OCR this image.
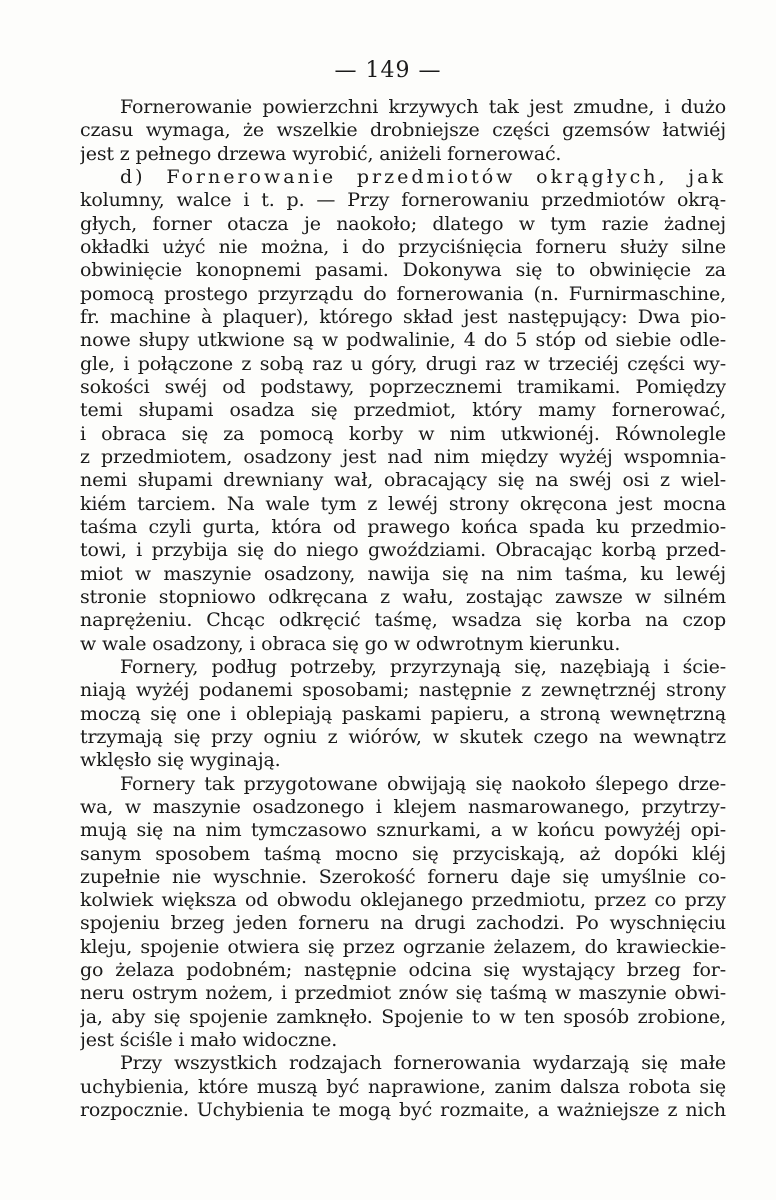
— 149 —
Fornerowanie powierzchni krzywych tak jest zmudne, i dużo
czasu wymaga, że wszelkie drobniejsze części gzemsów łatwiéj
jest z pełnego drzewa wyrobić, aniżeli fornerować.
d) Fornerowanie przedmiotów okrągłych, jak
kolumny, walce i t. p. — Przy fornerowaniu przedmiotów okrą-
głych, forner otacza je naokoło; dlatego w tym razie żadnej
okładki użyć nie można, i do przyciśnięcia forneru służy silne
obwinięcie konopnemi pasami. Dokonywa się to obwinięcie za
pomocą prostego przyrządu do fornerowania (n. Furnirmaschine,
fr. machine à plaquer), którego skład jest następujący: Dwa pio-
nowe słupy utkwione są w podwalinie, 4 do 5 stóp od siebie odle-
gle, i połączone z sobą raz u góry, drugi raz w trzeciéj części wy-
sokości swéj od podstawy, poprzecznemi tramikami. Pomiędzy
temi słupami osadza się przedmiot, który mamy fornerować,
i obraca się za pomocą korby w nim utkwionéj. Równolegle
z przedmiotem, osadzony jest nad nim między wyżéj wspomnia-
nemi słupami drewniany wał, obracający się na swéj osi z wiel-
kiém tarciem. Na wale tym z lewéj strony okręcona jest mocna
taśma czyli gurta, która od prawego końca spada ku przedmio-
towi, i przybija się do niego gwoździami. Obracając korbą przed-
miot w maszynie osadzony, nawija się na nim taśma, ku lewéj
stronie stopniowo odkręcana z wału, zostając zawsze w silném
naprężeniu. Chcąc odkręcić taśmę, wsadza się korba na czop
w wale osadzony, i obraca się go w odwrotnym kierunku.
Fornery, podług potrzeby, przyrzynają się, nazębiają i ście-
niają wyżéj podanemi sposobami; następnie z zewnętrznéj strony
moczą się one i oblepiają paskami papieru, a stroną wewnętrzną
trzymają się przy ogniu z wiórów, w skutek czego na wewnątrz
wklęsło się wyginają.
Fornery tak przygotowane obwijają się naokoło ślepego drze-
wa, w maszynie osadzonego i klejem nasmarowanego, przytrzy-
mują się na nim tymczasowo sznurkami, a w końcu powyżéj opi-
sanym sposobem taśmą mocno się przyciskają, aż dopóki kléj
zupełnie nie wyschnie. Szerokość forneru daje się umyślnie co-
kolwiek większa od obwodu oklejanego przedmiotu, przez co przy
spojeniu brzeg jeden forneru na drugi zachodzi. Po wyschnięciu
kleju, spojenie otwiera się przez ogrzanie żelazem, do krawieckie-
go żelaza podobném; następnie odcina się wystający brzeg for-
neru ostrym nożem, i przedmiot znów się taśmą w maszynie obwi-
ja, aby się spojenie zamknęło. Spojenie to w ten sposób zrobione,
jest ściśle i mało widoczne.
Przy wszystkich rodzajach fornerowania wydarzają się małe
uchybienia, które muszą być naprawione, zanim dalsza robota się
rozpocznie. Uchybienia te mogą być rozmaite, a ważniejsze z nich
